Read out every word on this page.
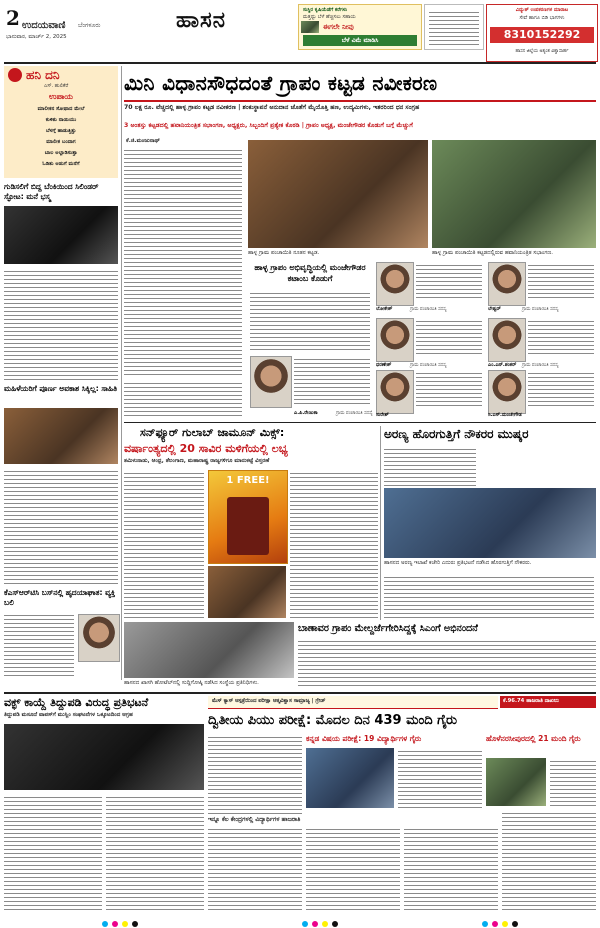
2 ಉದಯವಾಣಿ ಬೆಂಗಳೂರು
ಭಾನುವಾರ, ಮಾರ್ಚ್ 2, 2025
ಹಾಸನ	ಸುಸ್ಥಿರ ಕೃಷಿಯೆಡೆಗೆ ಕರೆಗಳು
ಮತ್ತಷ್ಟು ಬೆಳೆ ಹೆಚ್ಚಿಸಲು ಸಹಾಯ
ಈಗಲೇ ನೀವು
ಬೆಳೆ ವಿಮೆ ಮಾಡಿಸಿ
ವಿದ್ಯುತ್ ಉಪಕರಣಗಳ ಮಾರಾಟ
ಸೇವೆ ಹಾಗೂ ಬಿಡಿ ಭಾಗಗಳು
8310152292
ಹಾಸನ ಜಿಲ್ಲೆಯ ಅತ್ಯಂತ ವಿಶ್ವಾಸಾರ್ಹ
ಹನಿ ದನಿ
ಎಸ್. ಹುಲಿಕೆರೆ
ಉಪಾಯ
ಮಾಲೀಕನ ಸೋಫಾದ ಮೇಲೆ
ಕುಳಿತು ನಾಯಿಯು
ಬೆಳಗ್ಗೆ ಹಾಡುತ್ತಿತ್ತು
ಮಾಲೀಕ ಬಂದಾಗ
ಬಾಲ ಅಲ್ಲಾಡಿಸುತ್ತಾ
ಓಡಿತು ಅಡುಗೆ ಮನೆಗೆ
ಗುಡಿಸಲಿಗೆ ಬಿದ್ದ ಬೆಂಕಿಯಿಂದ ಸಿಲಿಂಡರ್ ಸ್ಫೋಟ: ಮನೆ ಭಸ್ಮ
ಮಹಿಳೆಯರಿಗೆ ಪೂರ್ಣ ಅವಕಾಶ ಸಿಕ್ಕಿಲ್ಲ: ಸಾಹಿತಿ
ಕೆಎಸ್ಆರ್‌ಟಿಸಿ ಬಸ್‌ನಲ್ಲಿ ಹೃದಯಾಘಾತ: ವ್ಯಕ್ತಿ ಬಲಿ
ಮಿನಿ ವಿಧಾನಸೌಧದಂತೆ ಗ್ರಾಪಂ ಕಟ್ಟಡ ನವೀಕರಣ
70 ಲಕ್ಷ ರೂ. ವೆಚ್ಚದಲ್ಲಿ ಹಾಳ್ಳ ಗ್ರಾಪಂ ಕಟ್ಟಡ ನವೀಕರಣ | ಶಂಕುಸ್ಥಾಪನೆ ಅನುದಾನ ಜೊತೆಗೆ ಮೈಯೊತ್ತಿ ಹಣ, ಉದ್ಯಮಿಗಳು, ಇತರರಿಂದ ಧನ ಸಂಗ್ರಹ
3 ಅಂತಸ್ತು ಕಟ್ಟಡದಲ್ಲಿ ಹವಾನಿಯಂತ್ರಿತ ಸಭಾಂಗಣ, ಅಧ್ಯಕ್ಷರು, ಸಿಬ್ಬಂದಿಗೆ ಪ್ರತ್ಯೇಕ ಕೊಠಡಿ | ಗ್ರಾಪಂ ಅಧ್ಯಕ್ಷ, ಮಂಜೇಗೌಡರ ಕೊಡುಗೆ ಬಗ್ಗೆ ಮೆಚ್ಚುಗೆ
ಕೆ.ಜಿ.ಮಂಜುನಾಥ್
ಹಾಳ್ಳ ಗ್ರಾಮ ಪಂಚಾಯಿತಿ ನೂತನ ಕಟ್ಟಡ.	ಹಾಳ್ಳ ಗ್ರಾಮ ಪಂಚಾಯಿತಿ ಕಟ್ಟಡದಲ್ಲಿರುವ ಹವಾನಿಯಂತ್ರಿತ ಸಭಾಂಗಣ.
ಹಾಳ್ಳ ಗ್ರಾಪಂ ಅಭಿವೃದ್ಧಿಯಲ್ಲಿ ಮಂಜೇಗೌಡರ ಕಟಾಂಬ ಕೊಡುಗೆ
ಲೋಕೇಶ್	ಗ್ರಾಮ ಪಂಚಾಯಿತಿ ಸದಸ್ಯ	ಲೇಶ್ವರ್	ಗ್ರಾಮ ಪಂಚಾಯಿತಿ ಸದಸ್ಯ
ಧರಣೇಶ್	ಗ್ರಾಮ ಪಂಚಾಯಿತಿ ಸದಸ್ಯ	ಎಂ.ಎನ್.ಶಂಕರ್ ಗ್ರಾಮ ಪಂಚಾಯಿತಿ ಸದಸ್ಯ
ಸುರೇಶ್	ಸಿ.ಎಸ್.ಮಂಜೇಗೌಡ
ಎ.ಪಿ.ರೇಣುಕಾ	ಗ್ರಾಮ ಪಂಚಾಯಿತಿ ಸದಸ್ಯೆ
ಸನ್‌ಫ್ಯೂರ್ ಗುಲಾಬ್ ಜಾಮೂನ್ ಮಿಕ್ಸ್:
ವರ್ಷಾಂತ್ಯದಲ್ಲಿ 20 ಸಾವಿರ ಮಳಿಗೆಯಲ್ಲಿ ಲಭ್ಯ
ತಮಿಳುನಾಡು, ಆಂಧ್ರ, ತೆಲಂಗಾಣ, ಮಹಾರಾಷ್ಟ್ರ ರಾಜ್ಯಗಳಿಗೂ ಮಾರುಕಟ್ಟೆ ವಿಸ್ತರಣೆ
1 FREE!
ಅರಣ್ಯ ಹೊರಗುತ್ತಿಗೆ ನೌಕರರ ಮುಷ್ಕರ
ಹಾಸನದ ಅರಣ್ಯ ಇಲಾಖೆ ಕಚೇರಿ ಎದುರು ಪ್ರತಿಭಟನೆ ನಡೆಸಿದ ಹೊರಗುತ್ತಿಗೆ ನೌಕರರು.
ಹಾಸನದ ಖಾಸಗಿ ಹೋಟೆಲ್‌ನಲ್ಲಿ ಸುದ್ದಿಗೋಷ್ಠಿ ನಡೆಸಿದ ಸಂಸ್ಥೆಯ ಪ್ರತಿನಿಧಿಗಳು.
ಬಾಣಾವರ ಗ್ರಾಪಂ ಮೇಲ್ದರ್ಜೆಗೇರಿಸಿದ್ದಕ್ಕೆ ಸಿಎಂಗೆ ಅಭಿನಂದನೆ
ವಕ್ಫ್ ಕಾಯ್ದೆ ತಿದ್ದುಪಡಿ ವಿರುದ್ಧ ಪ್ರತಿಭಟನೆ
ತಿದ್ದುಪಡಿ ಮಸೂದೆ ವಾಪಸ್‌ಗೆ ಮುಸ್ಲಿಂ ಸಂಘಟನೆಗಳ ಒಕ್ಕೂಟದಿಂದ ಆಗ್ರಹ
ಮೆಸ್ ಕ್ಯಾಸ್ ಆಸ್ಪತ್ರೆಯಿಂದ ಪರೀಕ್ಷಾ ಆತ್ಮವಿಶ್ವಾಸ ಸಾಮ್ರಾಜ್ಯ | ಗ್ರೇಡ್	ಕೆ.96.74 ಹಾಜರಾತಿ ದಾಖಲು
ದ್ವಿತೀಯ ಪಿಯು ಪರೀಕ್ಷೆ: ಮೊದಲ ದಿನ 439 ಮಂದಿ ಗೈರು
ಕನ್ನಡ ವಿಷಯ ಪರೀಕ್ಷೆ: 19 ವಿದ್ಯಾರ್ಥಿಗಳ ಗೈರು	ಹೊಳೆನರಸೀಪುರದಲ್ಲಿ 21 ಮಂದಿ ಗೈರು
ಇನ್ನೂ ಕೆಲ ಕೇಂದ್ರಗಳಲ್ಲಿ ವಿದ್ಯಾರ್ಥಿಗಳ ಹಾಜರಾತಿ
